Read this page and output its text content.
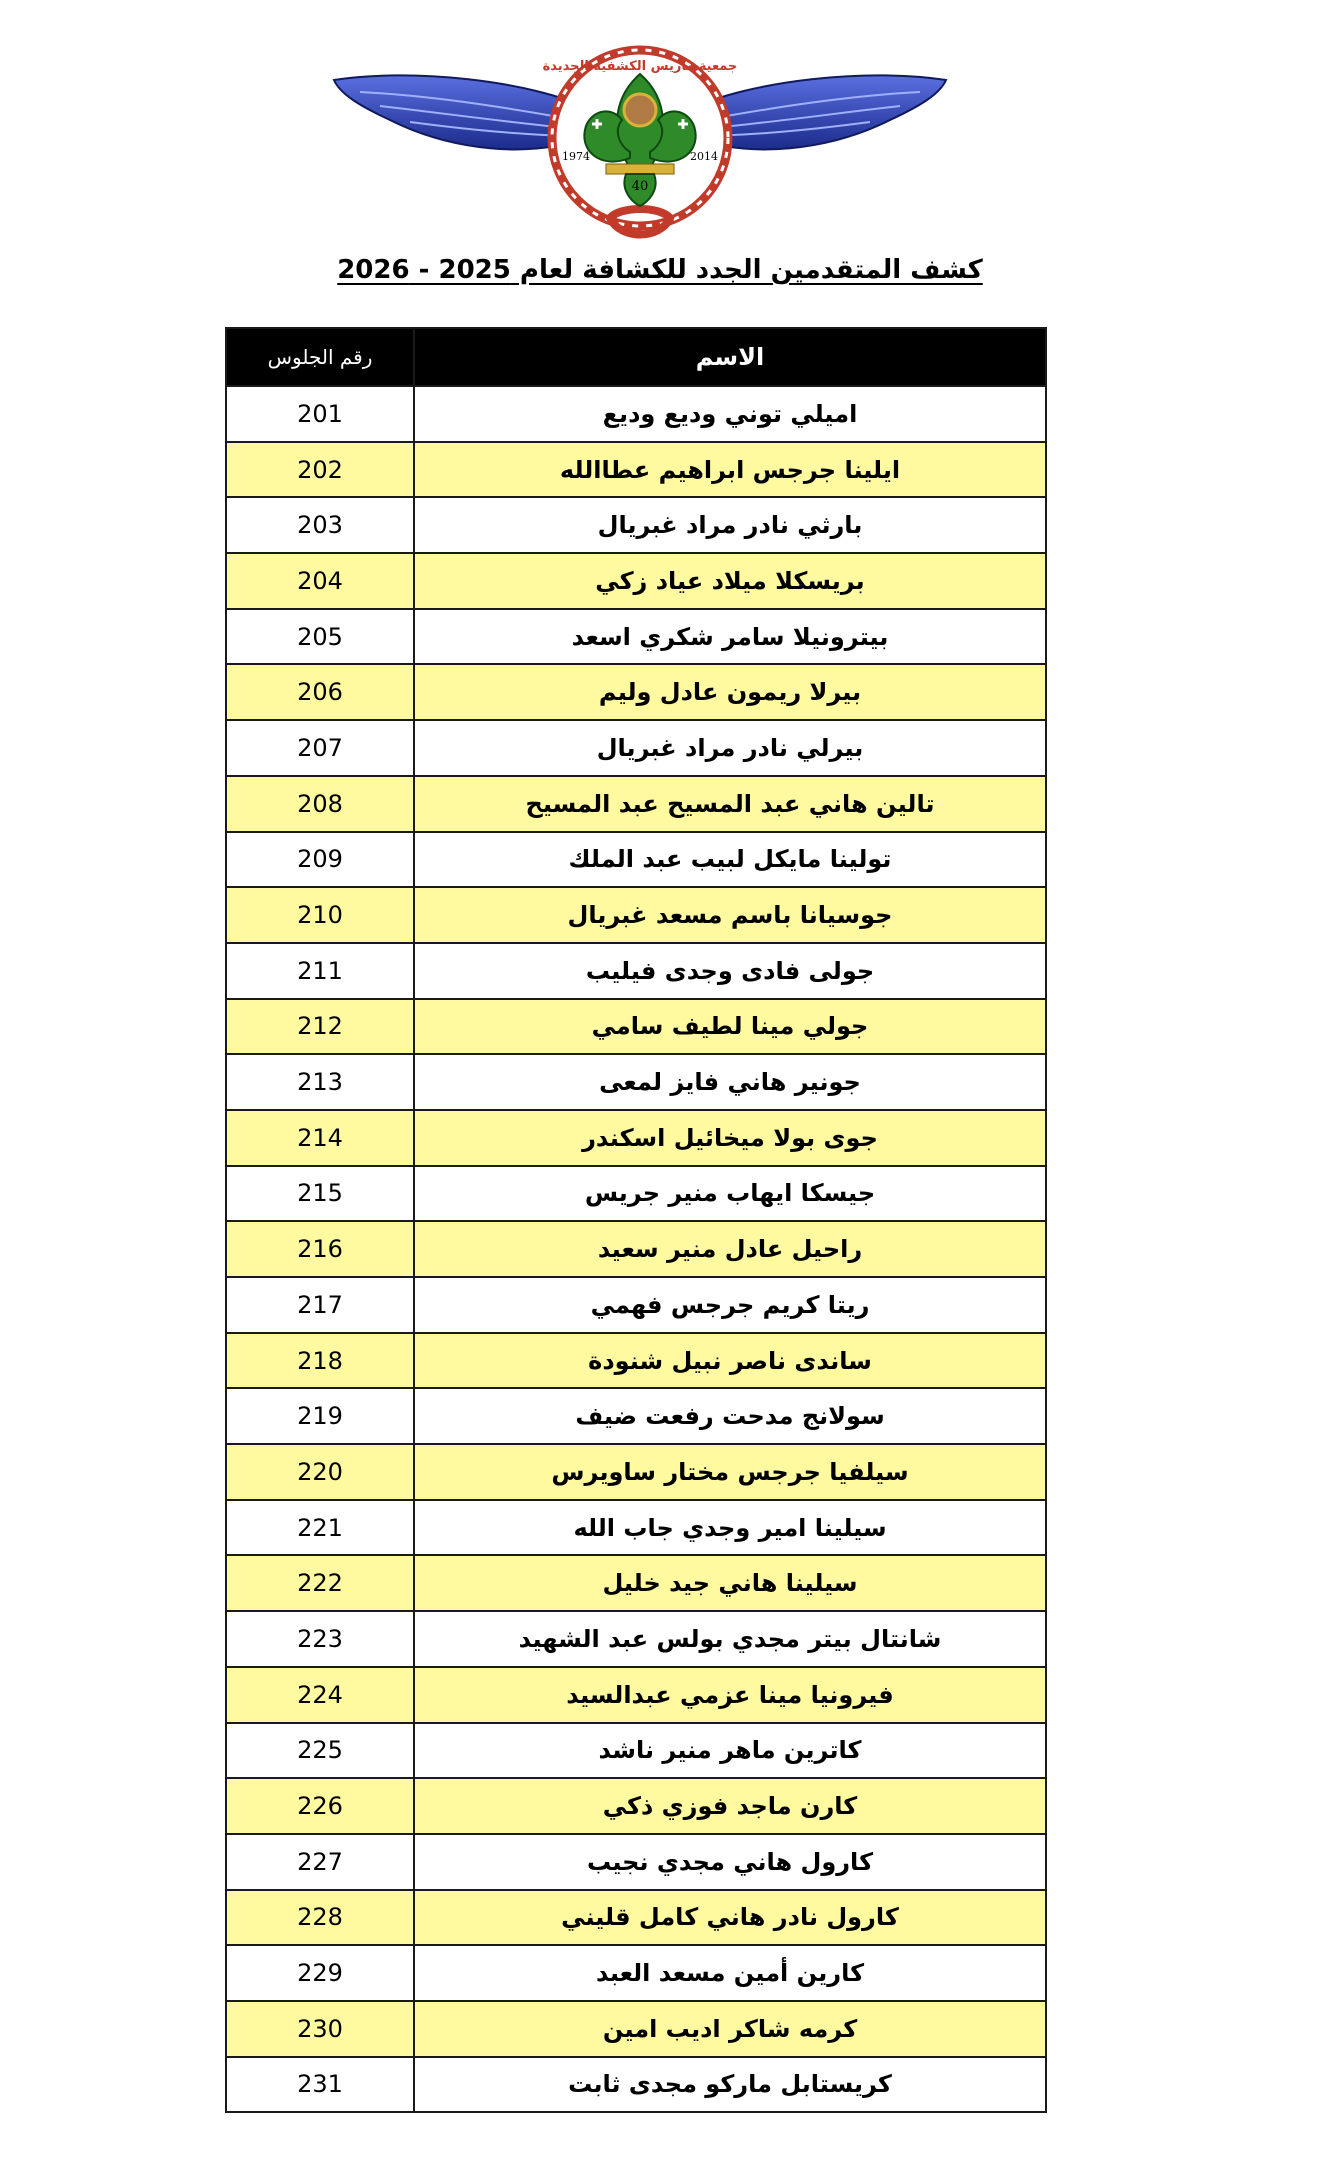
جمعية ماريس الكشفية الجديدة
1974	2014
40
كشف المتقدمين الجدد للكشافة لعام 2025 - 2026
رقم الجلوس	الاسم
201	اميلي توني وديع وديع
202	ايلينا جرجس ابراهيم عطاالله
203	بارثي نادر مراد غبريال
204	بريسكلا ميلاد عياد زكي
205	بيترونيلا سامر شكري اسعد
206	بيرلا ريمون عادل وليم
207	بيرلي نادر مراد غبريال
208	تالين هاني عبد المسيح عبد المسيح
209	تولينا مايكل لبيب عبد الملك
210	جوسيانا باسم مسعد غبريال
211	جولى فادى وجدى فيليب
212	جولي مينا لطيف سامي
213	جونير هاني فايز لمعى
214	جوى بولا ميخائيل اسكندر
215	جيسكا ايهاب منير جريس
216	راحيل عادل منير سعيد
217	ريتا كريم جرجس فهمي
218	ساندى ناصر نبيل شنودة
219	سولانج مدحت رفعت ضيف
220	سيلفيا جرجس مختار ساويرس
221	سيلينا امير وجدي جاب الله
222	سيلينا هاني جيد خليل
223	شانتال بيتر مجدي بولس عبد الشهيد
224	فيرونيا مينا عزمي عبدالسيد
225	كاترين ماهر منير ناشد
226	كارن ماجد فوزي ذكي
227	كارول هاني مجدي نجيب
228	كارول نادر هاني كامل قليني
229	كارين أمين مسعد العبد
230	كرمه شاكر اديب امين
231	كريستابل ماركو مجدى ثابت
